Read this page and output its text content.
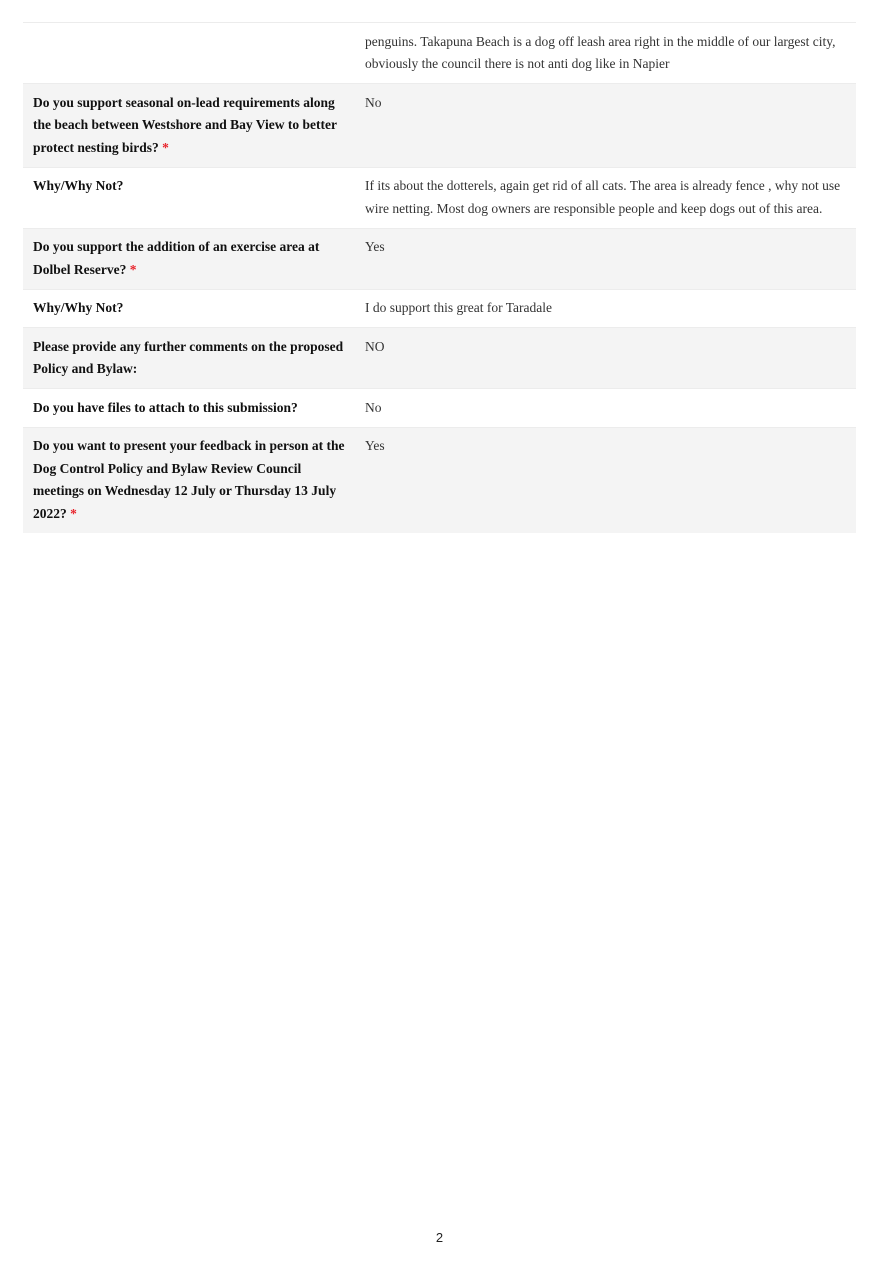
	penguins. Takapuna Beach is a dog off leash area right in the middle of our largest city, obviously the council there is not anti dog like in Napier
Do you support seasonal on-lead requirements along the beach between Westshore and Bay View to better protect nesting birds? *	No
Why/Why Not?	If its about the dotterels, again get rid of all cats. The area is already fence , why not use wire netting. Most dog owners are responsible people and keep dogs out of this area.
Do you support the addition of an exercise area at Dolbel Reserve? *	Yes
Why/Why Not?	I do support this great for Taradale
Please provide any further comments on the proposed Policy and Bylaw:	NO
Do you have files to attach to this submission?	No
Do you want to present your feedback in person at the Dog Control Policy and Bylaw Review Council meetings on Wednesday 12 July or Thursday 13 July 2022? *	Yes
2
